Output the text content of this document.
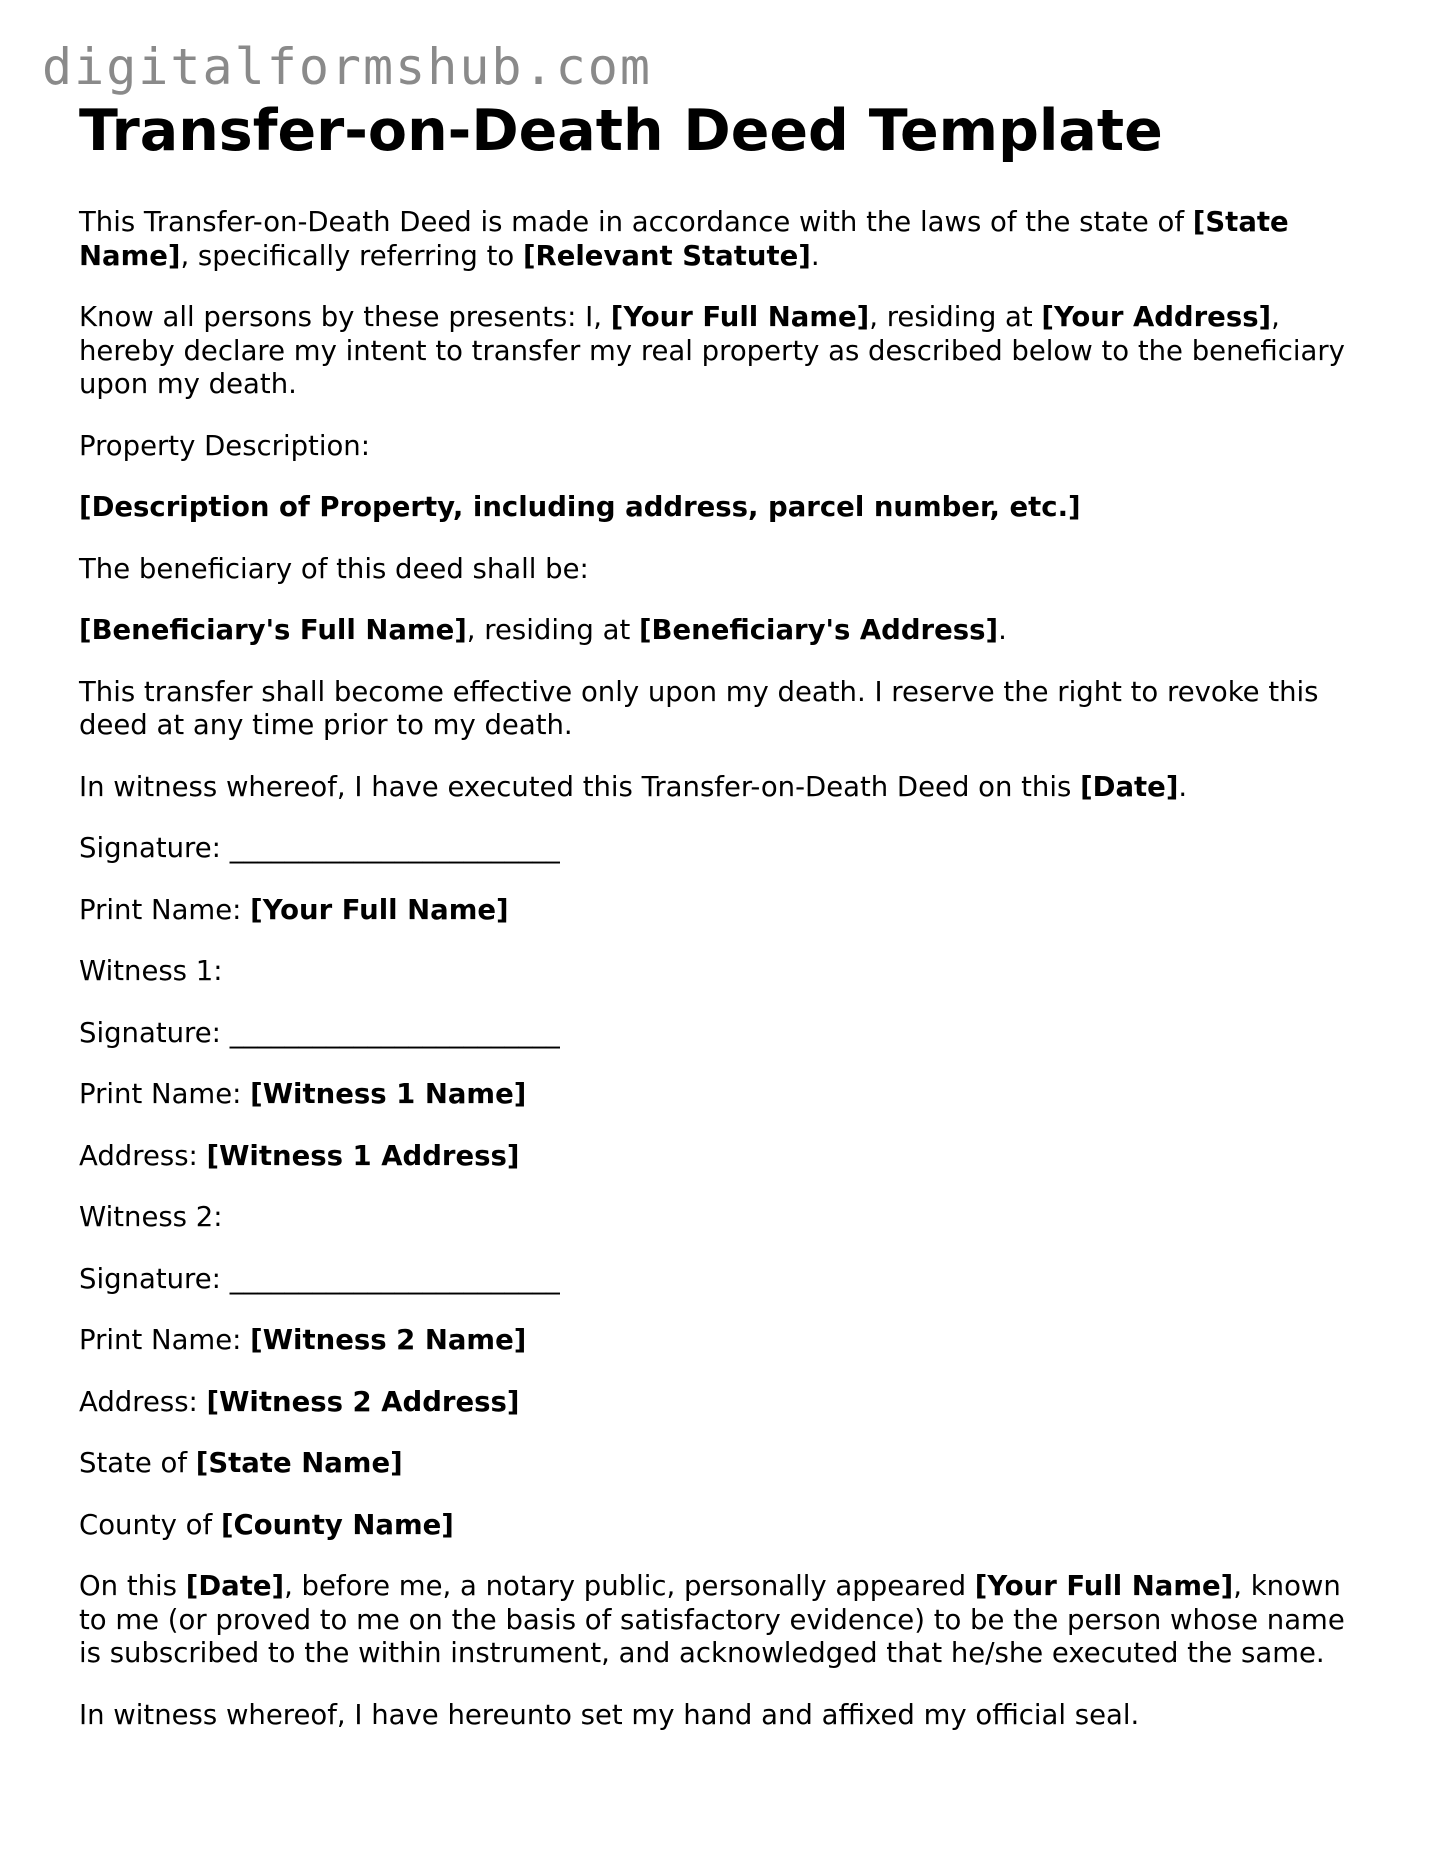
digitalformshub.com
Transfer-on-Death Deed Template

This Transfer-on-Death Deed is made in accordance with the laws of the state of [State Name], specifically referring to [Relevant Statute].

Know all persons by these presents: I, [Your Full Name], residing at [Your Address], hereby declare my intent to transfer my real property as described below to the beneficiary upon my death.

Property Description:

[Description of Property, including address, parcel number, etc.]

The beneficiary of this deed shall be:

[Beneficiary's Full Name], residing at [Beneficiary's Address].

This transfer shall become effective only upon my death. I reserve the right to revoke this deed at any time prior to my death.

In witness whereof, I have executed this Transfer-on-Death Deed on this [Date].

Signature: ________________________

Print Name: [Your Full Name]

Witness 1:

Signature: ________________________

Print Name: [Witness 1 Name]

Address: [Witness 1 Address]

Witness 2:

Signature: ________________________

Print Name: [Witness 2 Name]

Address: [Witness 2 Address]

State of [State Name]

County of [County Name]

On this [Date], before me, a notary public, personally appeared [Your Full Name], known to me (or proved to me on the basis of satisfactory evidence) to be the person whose name is subscribed to the within instrument, and acknowledged that he/she executed the same.

In witness whereof, I have hereunto set my hand and affixed my official seal.
